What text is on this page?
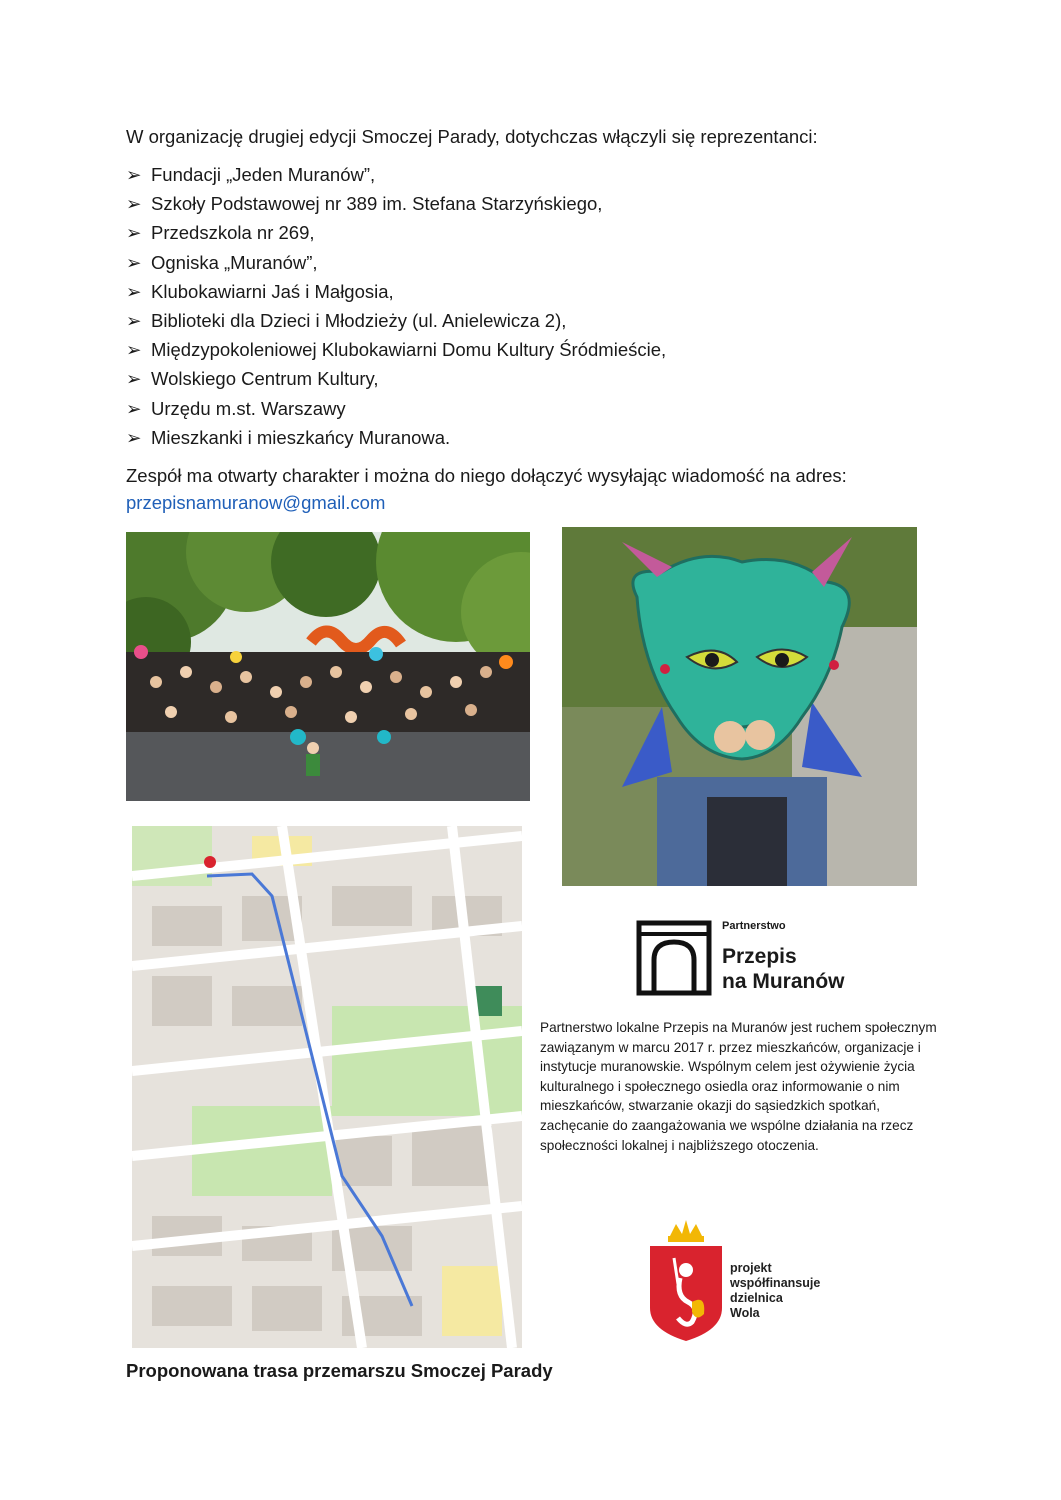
W organizację drugiej edycji Smoczej Parady, dotychczas włączyli się reprezentanci:
➢ Fundacji „Jeden Muranów”,
➢ Szkoły Podstawowej nr 389 im. Stefana Starzyńskiego,
➢ Przedszkola nr 269,
➢ Ogniska „Muranów”,
➢ Klubokawiarni Jaś i Małgosia,
➢ Biblioteki dla Dzieci i Młodzieży (ul. Anielewicza 2),
➢ Międzypokoleniowej Klubokawiarni Domu Kultury Śródmieście,
➢ Wolskiego Centrum Kultury,
➢ Urzędu m.st. Warszawy
➢ Mieszkanki i mieszkańcy Muranowa.
Zespół ma otwarty charakter i można do niego dołączyć wysyłając wiadomość na adres:
przepisnamuranow@gmail.com
Partnerstwo
Przepis
na Muranów
Partnerstwo lokalne Przepis na Muranów jest ruchem społecznym zawiązanym w marcu 2017 r. przez mieszkańców, organizacje i instytucje muranowskie. Wspólnym celem jest ożywienie życia kulturalnego i społecznego osiedla oraz informowanie o nim mieszkańców, stwarzanie okazji do sąsiedzkich spotkań, zachęcanie do zaangażowania we wspólne działania na rzecz społeczności lokalnej i najbliższego otoczenia.
projekt
współfinansuje
dzielnica
Wola
Proponowana trasa przemarszu Smoczej Parady
